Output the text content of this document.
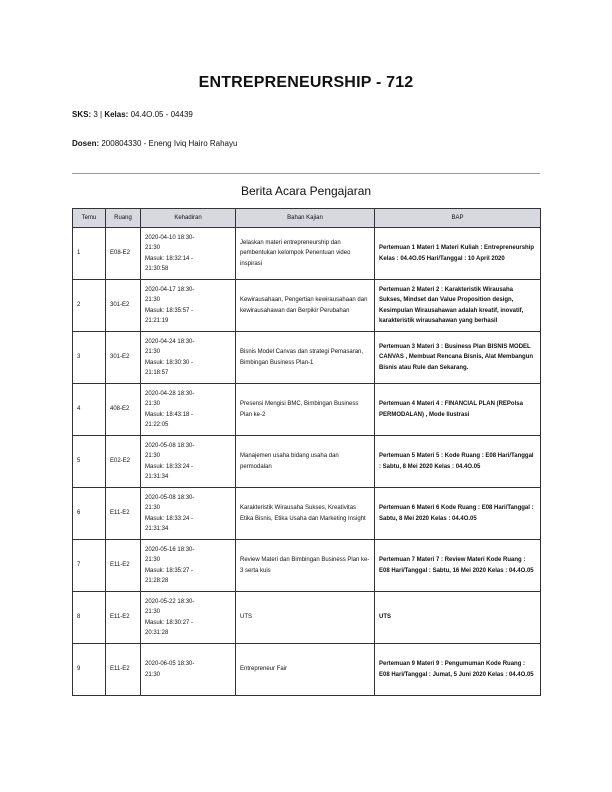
ENTREPRENEURSHIP - 712
SKS: 3 | Kelas: 04.4O.05 - 04439
Dosen: 200804330 - Eneng Iviq Hairo Rahayu
Berita Acara Pengajaran
Temu	Ruang	Kehadiran	Bahan Kajian	BAP
1	E08-E2	2020-04-10 18:30-
21:30
Masuk: 18:32:14 -
21:30:58	Jelaskan materi entrepreneurship dan pembentukan kelompok Penentuan video inspirasi	Pertemuan 1 Materi 1 Materi Kuliah : Entrepreneurship Kelas : 04.4O.05 Hari/Tanggal : 10 April 2020
2	301-E2	2020-04-17 18:30-
21:30
Masuk: 18:35:57 -
21:21:19	Kewirausahaan, Pengertian kewirausahaan dan kewirausahawan dan Berpikir Perubahan	Pertemuan 2 Materi 2 : Karakteristik Wirausaha Sukses, Mindset dan Value Proposition design, Kesimpulan Wirausahawan adalah kreatif, inovatif, karakteristik wirausahawan yang berhasil
3	301-E2	2020-04-24 18:30-
21:30
Masuk: 18:30:30 -
21:18:57	Bisnis Model Canvas dan strategi Pemasaran, Bimbingan Business Plan-1	Pertemuan 3 Materi 3 : Business Plan BISNIS MODEL CANVAS , Membuat Rencana Bisnis, Alat Membangun Bisnis atau Rule dan Sekarang.
4	408-E2	2020-04-28 18:30-
21:30
Masuk: 18:43:18 -
21:22:05	Presensi Mengisi BMC, Bimbingan Business Plan ke-2	Pertemuan 4 Materi 4 : FINANCIAL PLAN (REPolsa PERMODALAN) , Mode Ilustrasi
5	E02-E2	2020-05-08 18:30-
21:30
Masuk: 18:33:24 -
21:31:34	Manajemen usaha bidang usaha dan permodalan	Pertemuan 5 Materi 5 : Kode Ruang : E08 Hari/Tanggal : Sabtu, 8 Mei 2020 Kelas : 04.4O.05
6	E11-E2	2020-05-08 18:30-
21:30
Masuk: 18:33:24 -
21:31:34	Karakteristik Wirausaha Sukses, Kreativitas Etika Bisnis, Etika Usaha dan Marketing Insight	Pertemuan 6 Materi 6 Kode Ruang : E08 Hari/Tanggal : Sabtu, 8 Mei 2020 Kelas : 04.4O.05
7	E11-E2	2020-05-16 18:30-
21:30
Masuk: 18:35:27 -
21:28:28	Review Materi dan Bimbingan Business Plan ke-3 serta kuis	Pertemuan 7 Materi 7 : Review Materi Kode Ruang : E08 Hari/Tanggal : Sabtu, 16 Mei 2020 Kelas : 04.4O.05
8	E11-E2	2020-05-22 18:30-
21:30
Masuk: 18:30:27 -
20:31:28	UTS	UTS
9	E11-E2	2020-06-05 18:30-
21:30	Entrepreneur Fair	Pertemuan 9 Materi 9 : Pengumuman Kode Ruang : E08 Hari/Tanggal : Jumat, 5 Juni 2020 Kelas : 04.4O.05
